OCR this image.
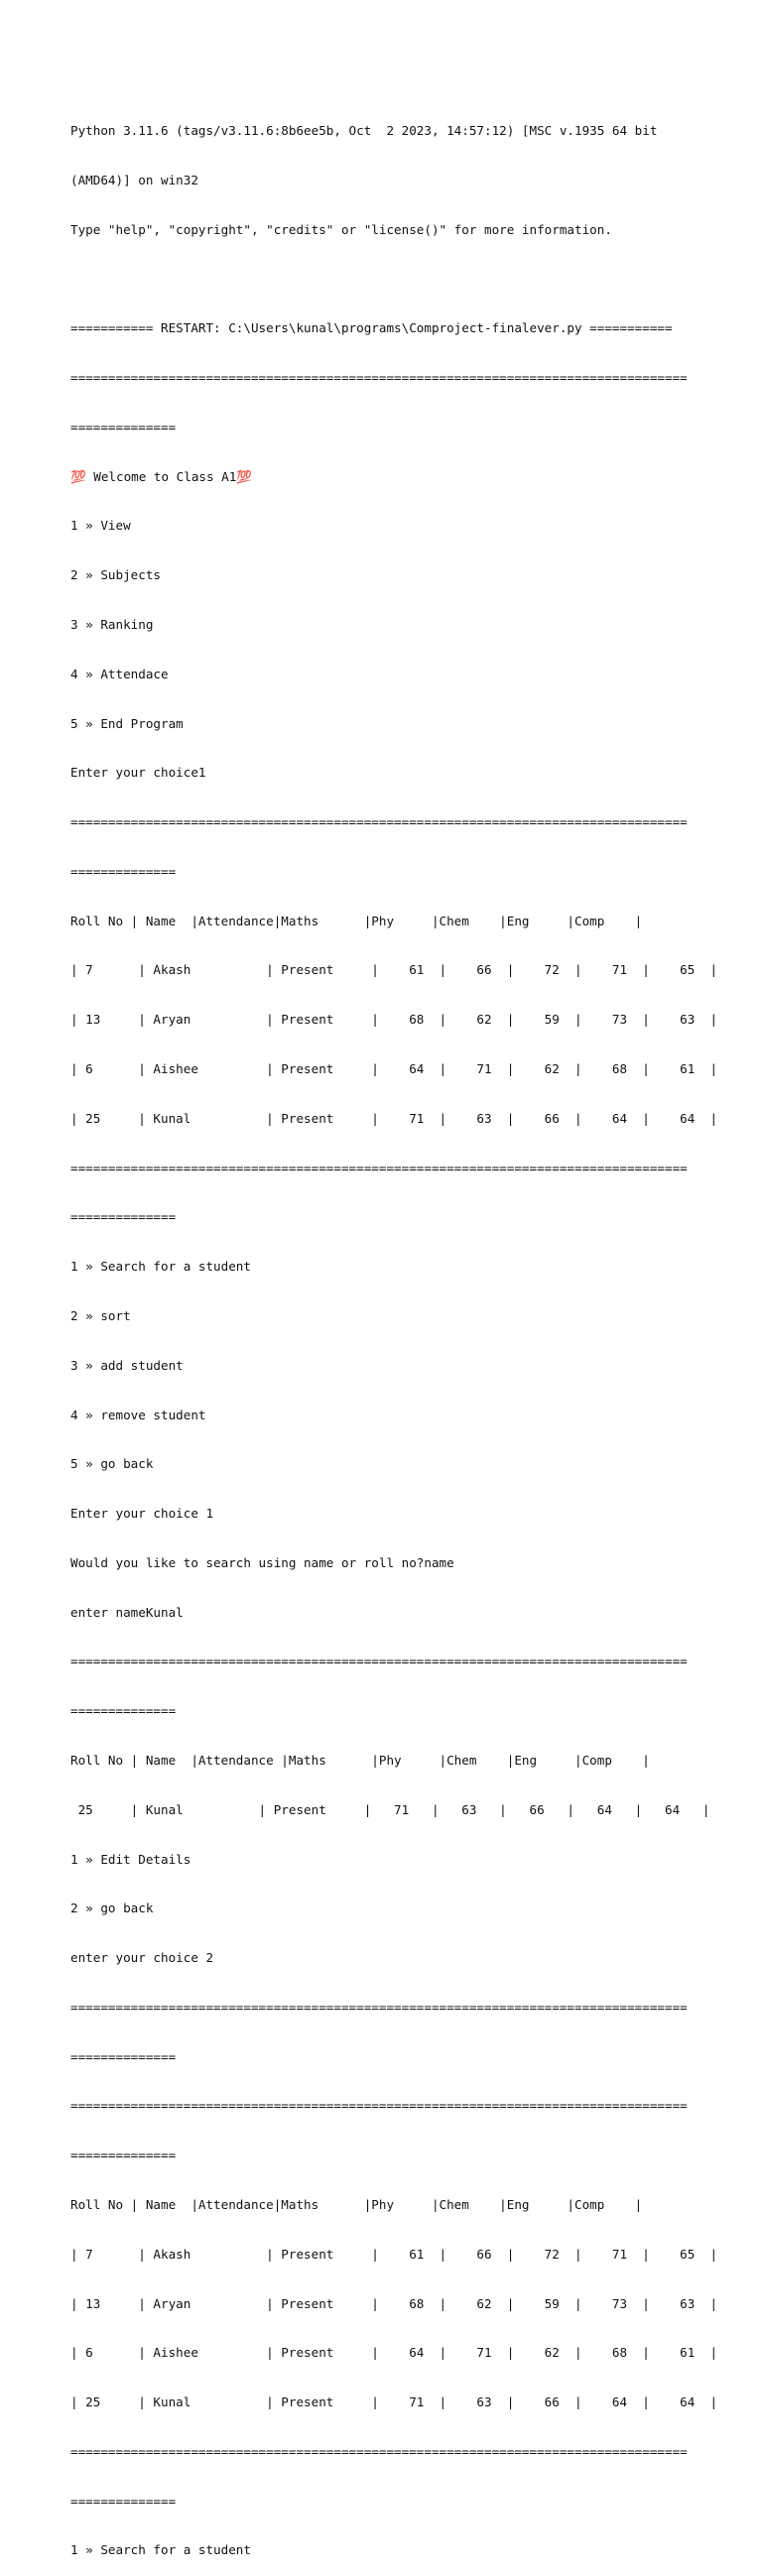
Python 3.11.6 (tags/v3.11.6:8b6ee5b, Oct  2 2023, 14:57:12) [MSC v.1935 64 bit

(AMD64)] on win32

Type "help", "copyright", "credits" or "license()" for more information.

=========== RESTART: C:\Users\kunal\programs\Comproject-finalever.py ===========

==================================================================================

==============

💯 Welcome to Class A1💯

1 » View

2 » Subjects

3 » Ranking

4 » Attendace

5 » End Program

Enter your choice1

==================================================================================

==============

Roll No | Name  |Attendance|Maths      |Phy     |Chem    |Eng     |Comp    |

| 7      | Akash          | Present     |    61  |    66  |    72  |    71  |    65  |

| 13     | Aryan          | Present     |    68  |    62  |    59  |    73  |    63  |

| 6      | Aishee         | Present     |    64  |    71  |    62  |    68  |    61  |

| 25     | Kunal          | Present     |    71  |    63  |    66  |    64  |    64  |

==================================================================================

==============

1 » Search for a student

2 » sort

3 » add student

4 » remove student

5 » go back

Enter your choice 1

Would you like to search using name or roll no?name

enter nameKunal

==================================================================================

==============

Roll No | Name  |Attendance |Maths      |Phy     |Chem    |Eng     |Comp    |

25     | Kunal          | Present     |   71   |   63   |   66   |   64   |   64   |

1 » Edit Details

2 » go back

enter your choice 2

==================================================================================

==============

==================================================================================

==============

Roll No | Name  |Attendance|Maths      |Phy     |Chem    |Eng     |Comp    |

| 7      | Akash          | Present     |    61  |    66  |    72  |    71  |    65  |

| 13     | Aryan          | Present     |    68  |    62  |    59  |    73  |    63  |

| 6      | Aishee         | Present     |    64  |    71  |    62  |    68  |    61  |

| 25     | Kunal          | Present     |    71  |    63  |    66  |    64  |    64  |

==================================================================================

==============

1 » Search for a student
